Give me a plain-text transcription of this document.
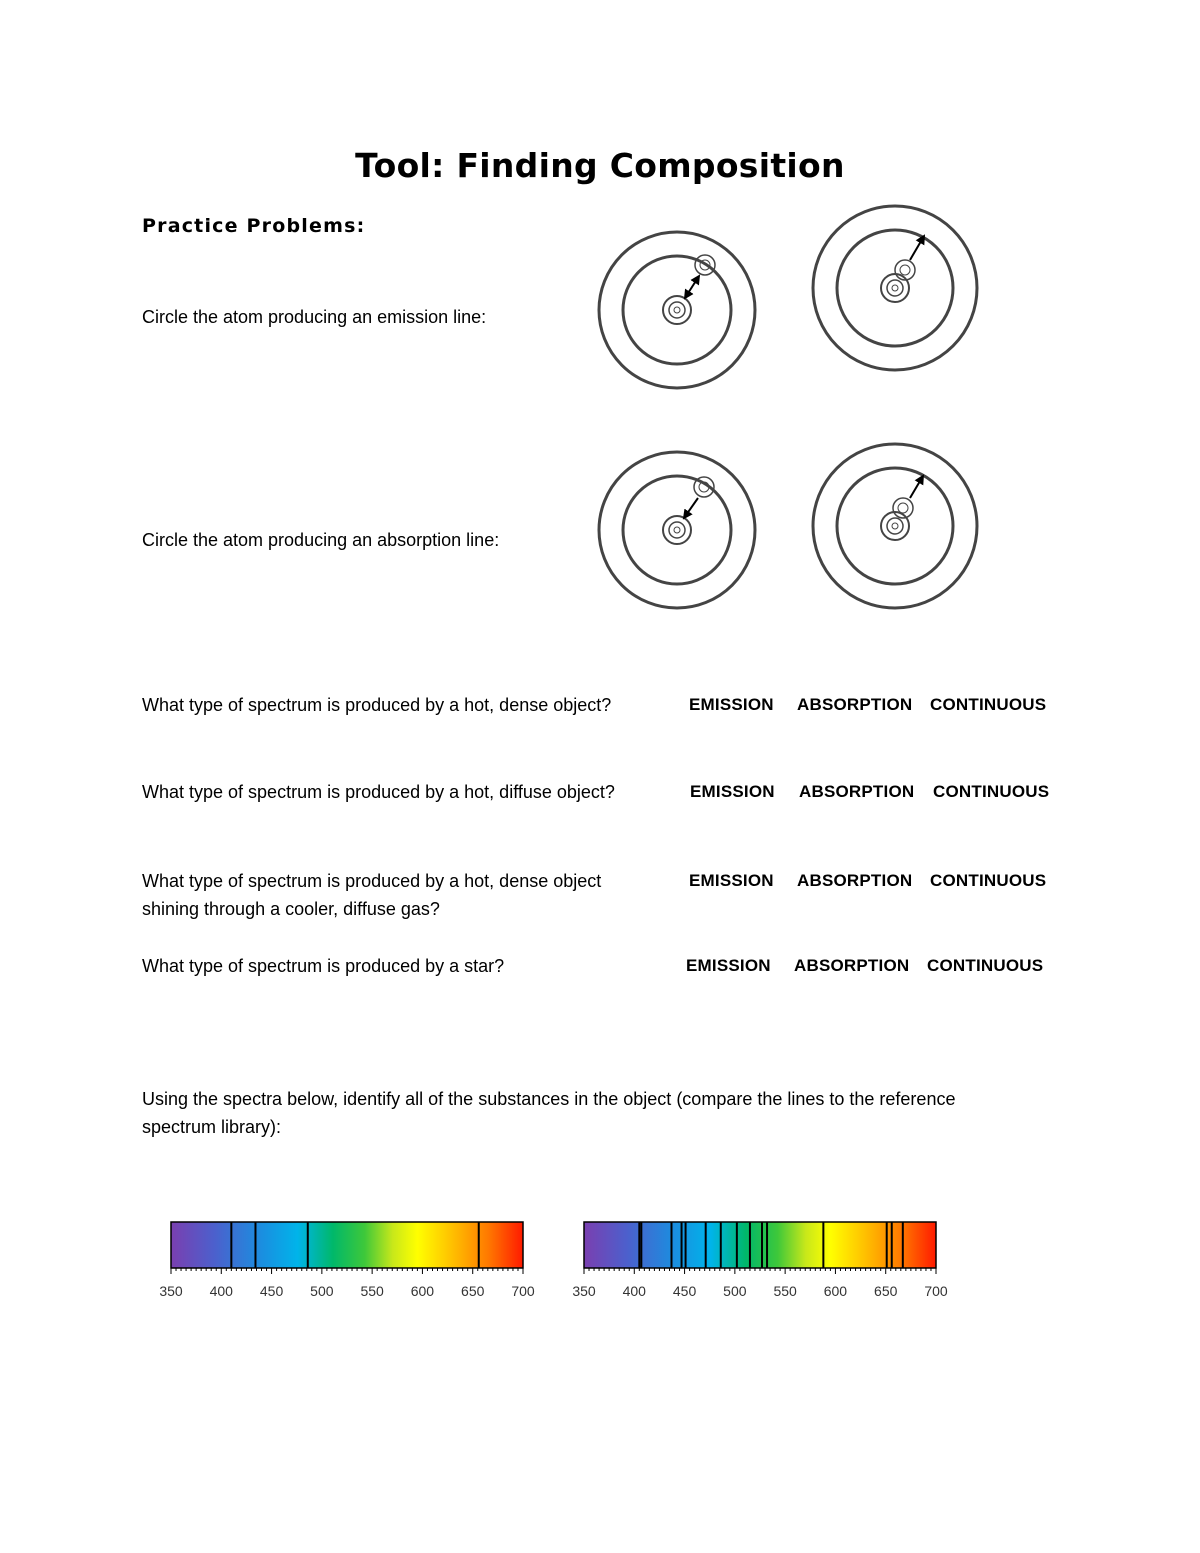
Tool: Finding Composition
Practice Problems:
Circle the atom producing an emission line:
Circle the atom producing an absorption line:
What type of spectrum is produced by a hot, dense object?	EMISSION ABSORPTION CONTINUOUS
What type of spectrum is produced by a hot, diffuse object?	EMISSION ABSORPTION CONTINUOUS
What type of spectrum is produced by a hot, dense object
shining through a cooler, diffuse gas?
EMISSION ABSORPTION CONTINUOUS
What type of spectrum is produced by a star?	EMISSION ABSORPTION CONTINUOUS
Using the spectra below, identify all of the substances in the object (compare the lines to the reference
spectrum library):
350 400 450 500 550 600 650 700	350 400 450 500 550 600 650 700
